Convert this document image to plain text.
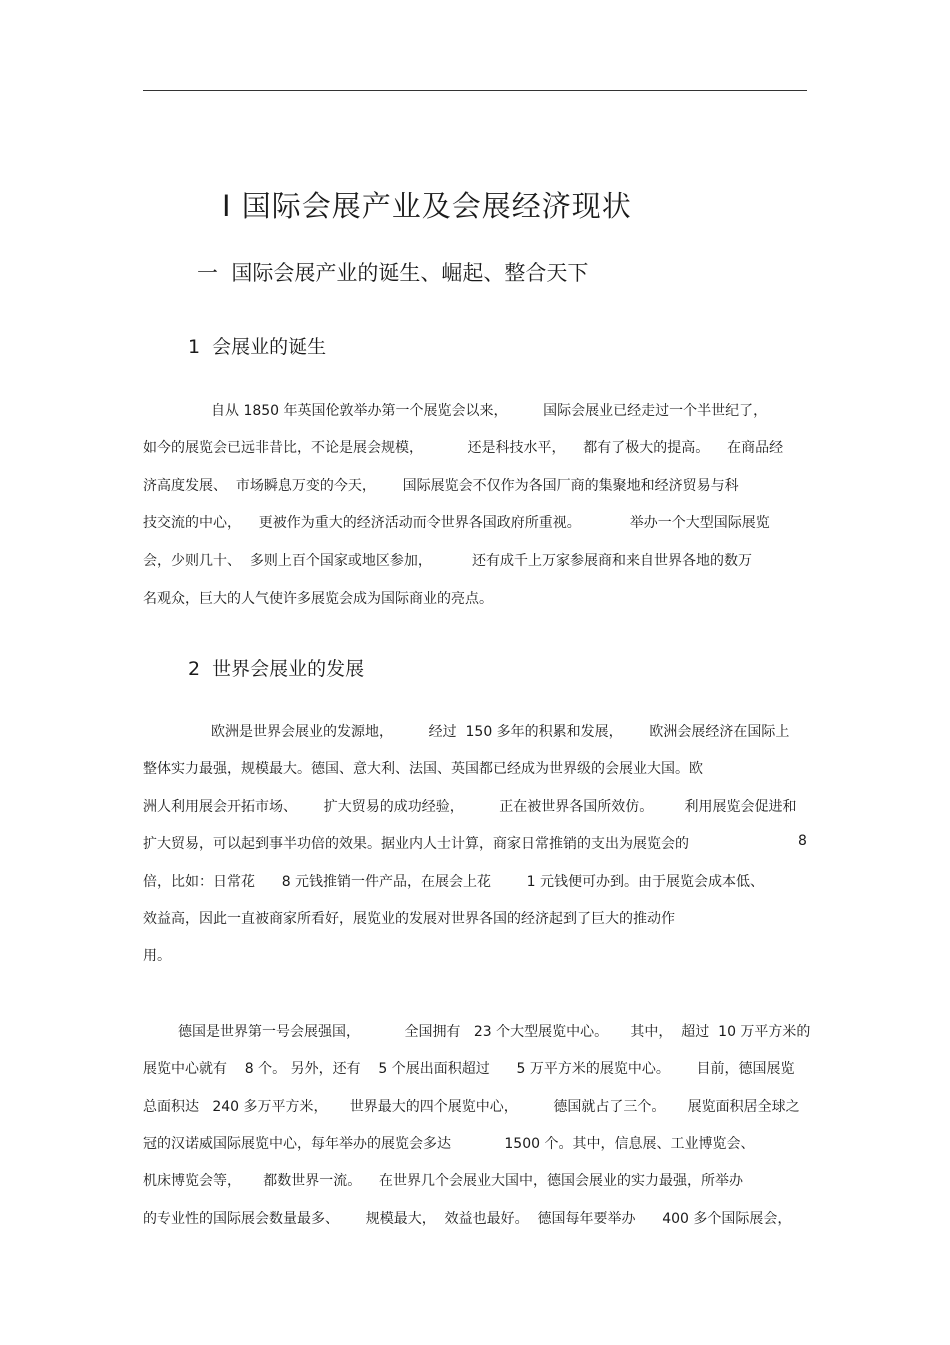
Ⅰ 国际会展产业及会展经济现状
一  国际会展产业的诞生、崛起、整合天下
1  会展业的诞生
自从 1850 年英国伦敦举办第一个展览会以来，        国际会展业已经走过一个半世纪了，
如今的展览会已远非昔比，不论是展会规模，          还是科技水平，    都有了极大的提高。    在商品经
济高度发展、  市场瞬息万变的今天，      国际展览会不仅作为各国厂商的集聚地和经济贸易与科
技交流的中心，    更被作为重大的经济活动而令世界各国政府所重视。           举办一个大型国际展览
会，少则几十、  多则上百个国家或地区参加，         还有成千上万家参展商和来自世界各地的数万
名观众，巨大的人气使许多展览会成为国际商业的亮点。
2  世界会展业的发展
欧洲是世界会展业的发源地，        经过  150 多年的积累和发展，      欧洲会展经济在国际上
整体实力最强，规模最大。德国、意大利、法国、英国都已经成为世界级的会展业大国。欧
洲人利用展会开拓市场、      扩大贸易的成功经验，        正在被世界各国所效仿。       利用展览会促进和
扩大贸易，可以起到事半功倍的效果。据业内人士计算，商家日常推销的支出为展览会的	8
倍，比如：日常花      8 元钱推销一件产品，在展会上花        1 元钱便可办到。由于展览会成本低、
效益高，因此一直被商家所看好，展览业的发展对世界各国的经济起到了巨大的推动作
用。
德国是世界第一号会展强国，          全国拥有   23 个大型展览中心。     其中，  超过  10 万平方米的
展览中心就有    8 个。 另外，还有    5 个展出面积超过      5 万平方米的展览中心。      目前，德国展览
总面积达   240 多万平方米，     世界最大的四个展览中心，        德国就占了三个。     展览面积居全球之
冠的汉诺威国际展览中心，每年举办的展览会多达            1500 个。其中，信息展、工业博览会、
机床博览会等，     都数世界一流。    在世界几个会展业大国中，德国会展业的实力最强，所举办
的专业性的国际展会数量最多、      规模最大，  效益也最好。  德国每年要举办      400 多个国际展会，
